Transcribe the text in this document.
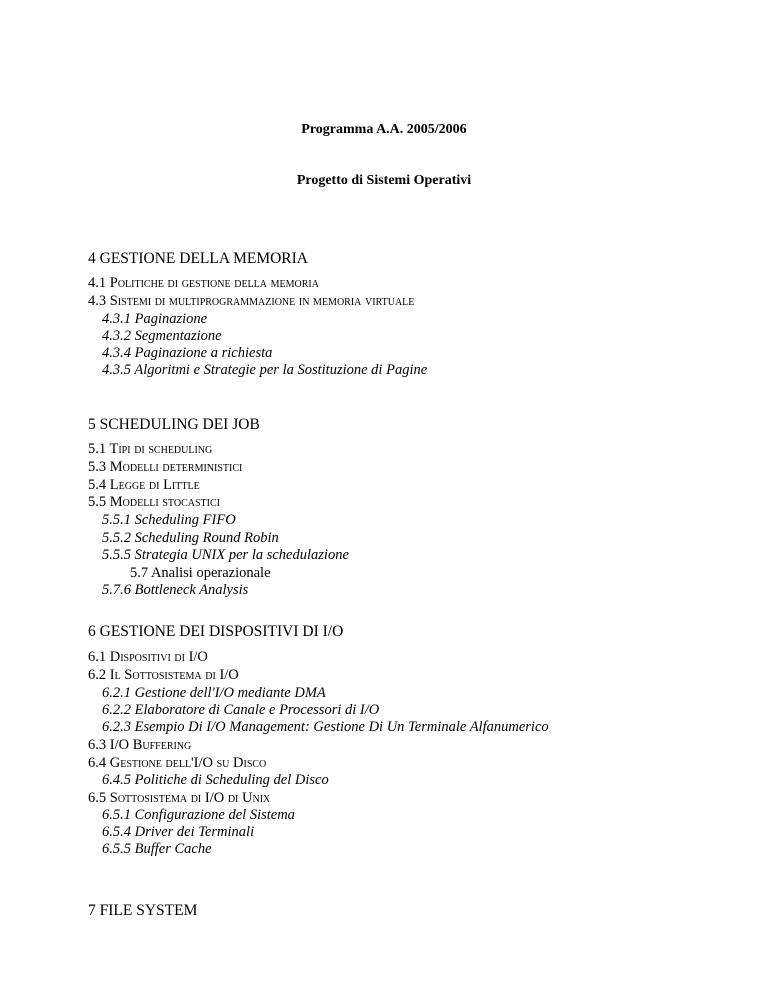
Programma A.A. 2005/2006
Progetto di Sistemi Operativi
4 GESTIONE DELLA MEMORIA
4.1 Politiche di gestione della memoria
4.3 Sistemi di multiprogrammazione in memoria virtuale
4.3.1 Paginazione
4.3.2 Segmentazione
4.3.4 Paginazione a richiesta
4.3.5 Algoritmi e Strategie per la Sostituzione di Pagine
5 SCHEDULING DEI JOB
5.1 Tipi di scheduling
5.3 Modelli deterministici
5.4 Legge di Little
5.5 Modelli stocastici
5.5.1 Scheduling FIFO
5.5.2 Scheduling Round Robin
5.5.5 Strategia UNIX per la schedulazione
5.7 Analisi operazionale
5.7.6 Bottleneck Analysis
6 GESTIONE DEI DISPOSITIVI DI I/O
6.1 Dispositivi di I/O
6.2 Il Sottosistema di I/O
6.2.1 Gestione dell'I/O mediante DMA
6.2.2 Elaboratore di Canale e Processori di I/O
6.2.3 Esempio Di I/O Management: Gestione Di Un Terminale Alfanumerico
6.3 I/O Buffering
6.4 Gestione dell'I/O su Disco
6.4.5 Politiche di Scheduling del Disco
6.5 Sottosistema di I/O di Unix
6.5.1 Configurazione del Sistema
6.5.4 Driver dei Terminali
6.5.5 Buffer Cache
7 FILE SYSTEM
